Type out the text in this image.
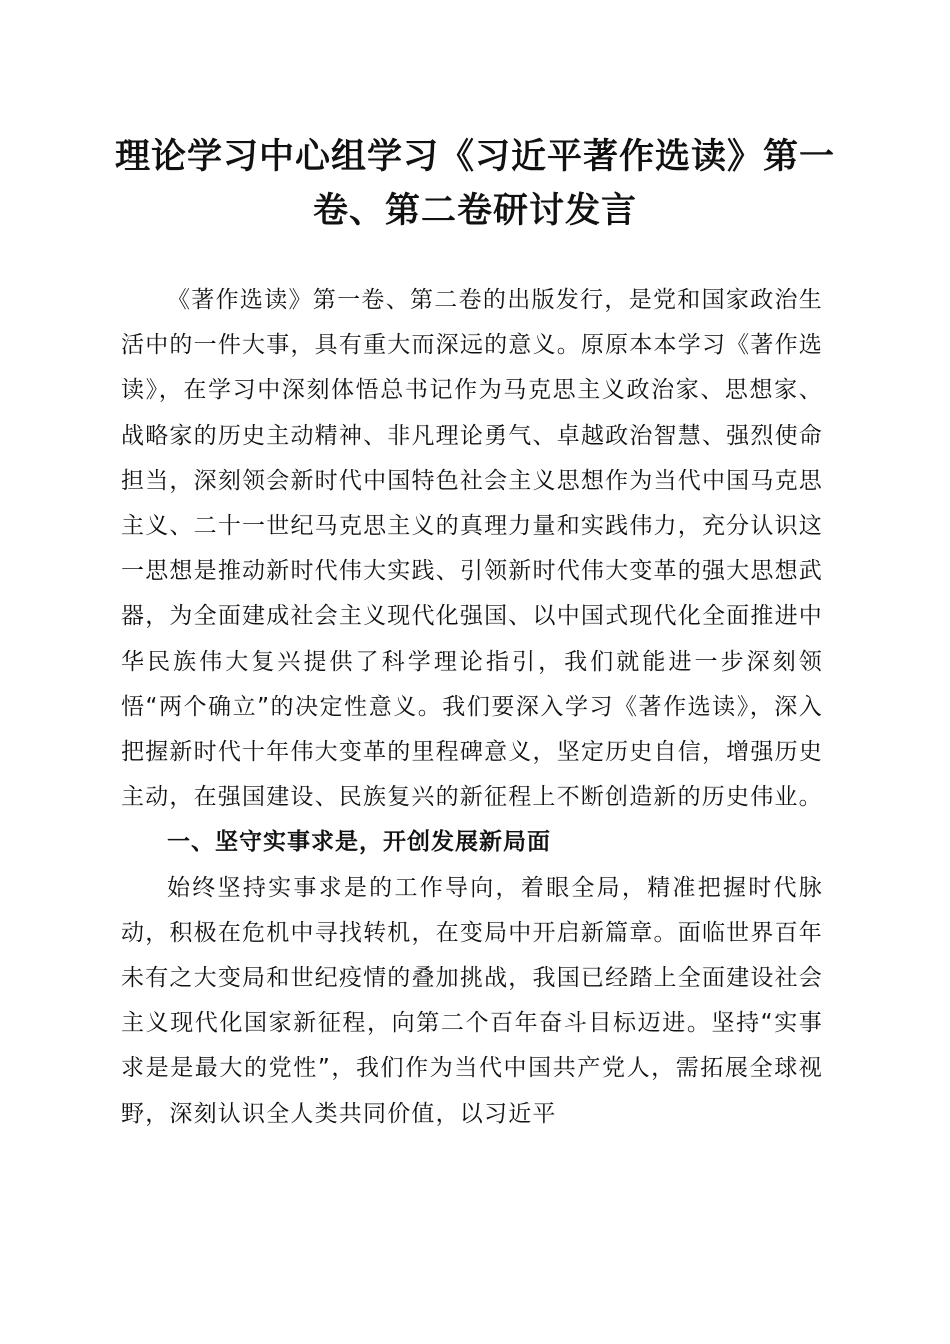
理论学习中心组学习《习近平著作选读》第一卷、第二卷研讨发言

《著作选读》第一卷、第二卷的出版发行，是党和国家政治生活中的一件大事，具有重大而深远的意义。原原本本学习《著作选读》，在学习中深刻体悟总书记作为马克思主义政治家、思想家、战略家的历史主动精神、非凡理论勇气、卓越政治智慧、强烈使命担当，深刻领会新时代中国特色社会主义思想作为当代中国马克思主义、二十一世纪马克思主义的真理力量和实践伟力，充分认识这一思想是推动新时代伟大实践、引领新时代伟大变革的强大思想武器，为全面建成社会主义现代化强国、以中国式现代化全面推进中华民族伟大复兴提供了科学理论指引，我们就能进一步深刻领悟“两个确立”的决定性意义。我们要深入学习《著作选读》，深入把握新时代十年伟大变革的里程碑意义，坚定历史自信，增强历史主动，在强国建设、民族复兴的新征程上不断创造新的历史伟业。

一、坚守实事求是，开创发展新局面

始终坚持实事求是的工作导向，着眼全局，精准把握时代脉动，积极在危机中寻找转机，在变局中开启新篇章。面临世界百年未有之大变局和世纪疫情的叠加挑战，我国已经踏上全面建设社会主义现代化国家新征程，向第二个百年奋斗目标迈进。坚持“实事求是是最大的党性”，我们作为当代中国共产党人，需拓展全球视野，深刻认识全人类共同价值，以习近平
